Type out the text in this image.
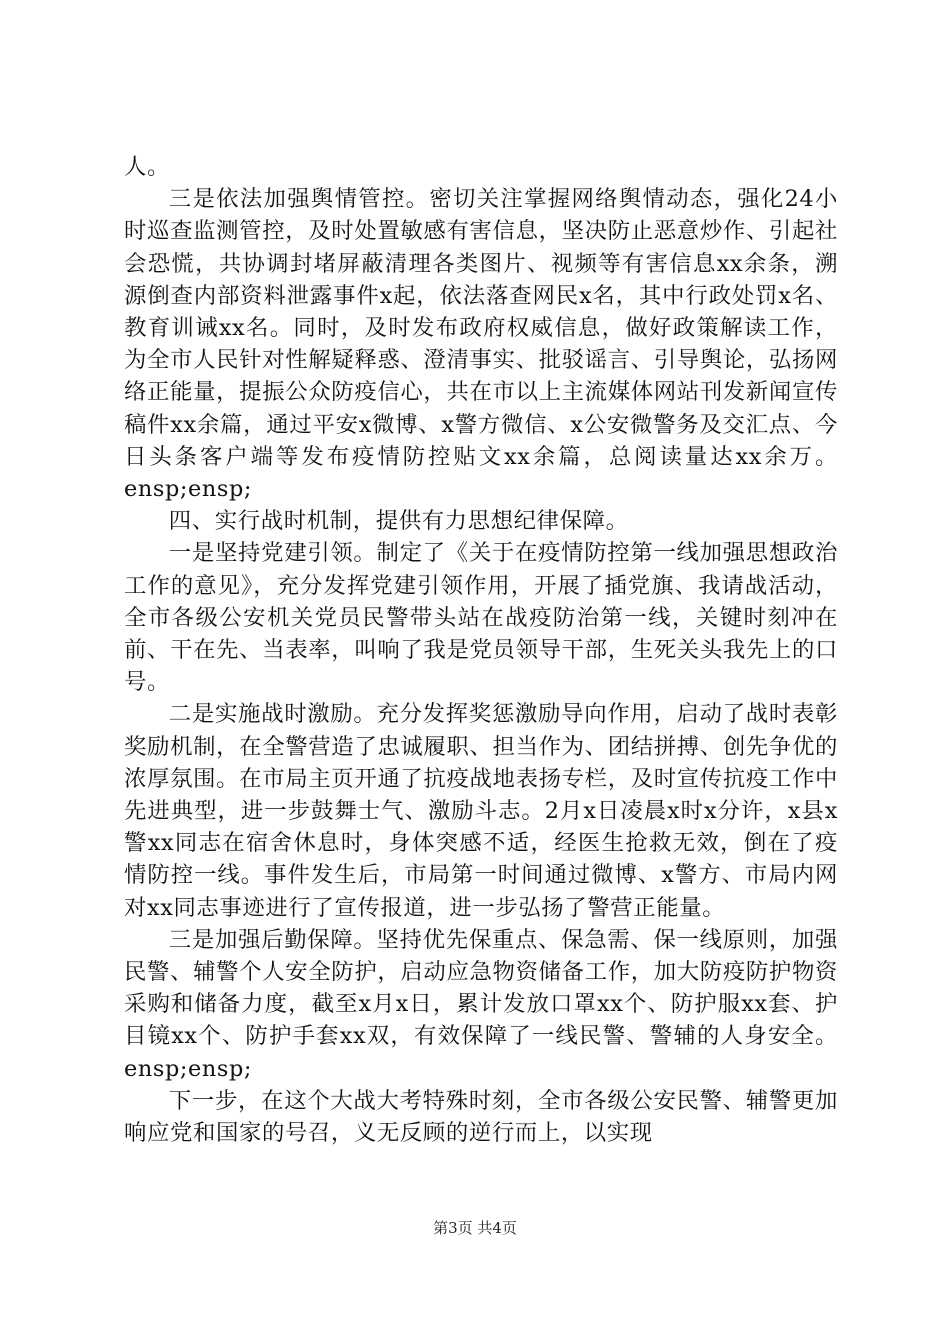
人。

三是依法加强舆情管控。密切关注掌握网络舆情动态，强化24小时巡查监测管控，及时处置敏感有害信息，坚决防止恶意炒作、引起社会恐慌，共协调封堵屏蔽清理各类图片、视频等有害信息xx余条，溯源倒查内部资料泄露事件x起，依法落查网民x名，其中行政处罚x名、教育训诫xx名。同时，及时发布政府权威信息，做好政策解读工作，为全市人民针对性解疑释惑、澄清事实、批驳谣言、引导舆论，弘扬网络正能量，提振公众防疫信心，共在市以上主流媒体网站刊发新闻宣传稿件xx余篇，通过平安x微博、x警方微信、x公安微警务及交汇点、今日头条客户端等发布疫情防控贴文xx余篇，总阅读量达xx余万。ensp;ensp;

四、实行战时机制，提供有力思想纪律保障。

一是坚持党建引领。制定了《关于在疫情防控第一线加强思想政治工作的意见》，充分发挥党建引领作用，开展了插党旗、我请战活动，全市各级公安机关党员民警带头站在战疫防治第一线，关键时刻冲在前、干在先、当表率，叫响了我是党员领导干部，生死关头我先上的口号。

二是实施战时激励。充分发挥奖惩激励导向作用，启动了战时表彰奖励机制，在全警营造了忠诚履职、担当作为、团结拼搏、创先争优的浓厚氛围。在市局主页开通了抗疫战地表扬专栏，及时宣传抗疫工作中先进典型，进一步鼓舞士气、激励斗志。2月x日凌晨x时x分许，x县x警xx同志在宿舍休息时，身体突感不适，经医生抢救无效，倒在了疫情防控一线。事件发生后，市局第一时间通过微博、x警方、市局内网对xx同志事迹进行了宣传报道，进一步弘扬了警营正能量。

三是加强后勤保障。坚持优先保重点、保急需、保一线原则，加强民警、辅警个人安全防护，启动应急物资储备工作，加大防疫防护物资采购和储备力度，截至x月x日，累计发放口罩xx个、防护服xx套、护目镜xx个、防护手套xx双，有效保障了一线民警、警辅的人身安全。ensp;ensp;

下一步，在这个大战大考特殊时刻，全市各级公安民警、辅警更加响应党和国家的号召，义无反顾的逆行而上，以实现

第3页 共4页
